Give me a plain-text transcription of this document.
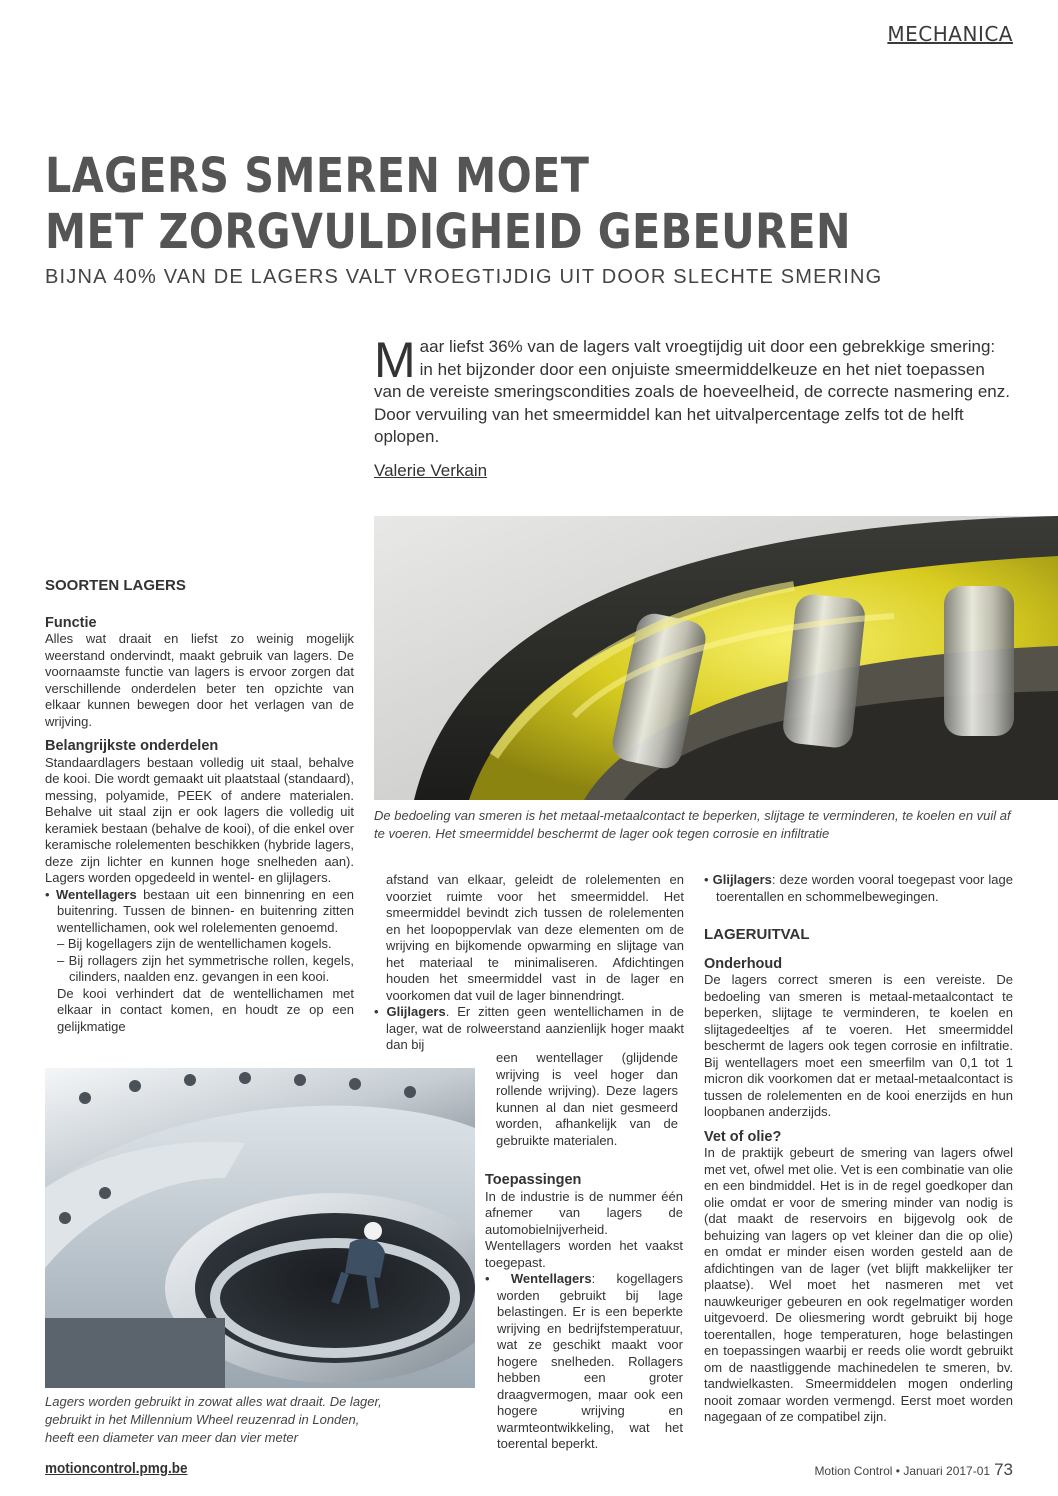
MECHANICA
LAGERS SMEREN MOET
MET ZORGVULDIGHEID GEBEUREN
BIJNA 40% VAN DE LAGERS VALT VROEGTIJDIG UIT DOOR SLECHTE SMERING
Maar liefst 36% van de lagers valt vroegtijdig uit door een gebrekkige smering: in het bijzonder door een onjuiste smeermiddelkeuze en het niet toepassen van de vereiste smeringscondities zoals de hoeveelheid, de correcte nasmering enz. Door vervuiling van het smeermiddel kan het uitvalpercentage zelfs tot de helft oplopen.
Valerie Verkain
De bedoeling van smeren is het metaal-metaalcontact te beperken, slijtage te verminderen, te koelen en vuil af te voeren. Het smeermiddel beschermt de lager ook tegen corrosie en infiltratie
Lagers worden gebruikt in zowat alles wat draait. De lager, gebruikt in het Millennium Wheel reuzenrad in Londen, heeft een diameter van meer dan vier meter
SOORTEN LAGERS
Functie

Alles wat draait en liefst zo weinig mogelijk weerstand ondervindt, maakt gebruik van lagers. De voornaamste functie van lagers is ervoor zorgen dat verschillende onderdelen beter ten opzichte van elkaar kunnen bewegen door het verlagen van de wrijving.

Belangrijkste onderdelen

Standaardlagers bestaan volledig uit staal, behalve de kooi. Die wordt gemaakt uit plaatstaal (standaard), messing, polyamide, PEEK of andere materialen. Behalve uit staal zijn er ook lagers die volledig uit keramiek bestaan (behalve de kooi), of die enkel over keramische rolelementen beschikken (hybride lagers, deze zijn lichter en kunnen hoge snelheden aan). Lagers worden opgedeeld in wentel- en glijlagers.

• Wentellagers bestaan uit een binnenring en een buitenring. Tussen de binnen- en buitenring zitten wentellichamen, ook wel rolelementen genoemd.

– Bij kogellagers zijn de wentellichamen kogels.

– Bij rollagers zijn het symmetrische rollen, kegels, cilinders, naalden enz. gevangen in een kooi.

De kooi verhindert dat de wentellichamen met elkaar in contact komen, en houdt ze op een gelijkmatige

afstand van elkaar, geleidt de rolelementen en voorziet ruimte voor het smeermiddel. Het smeermiddel bevindt zich tussen de rolelementen en het loopoppervlak van deze elementen om de wrijving en bijkomende opwarming en slijtage van het materiaal te minimaliseren. Afdichtingen houden het smeermiddel vast in de lager en voorkomen dat vuil de lager binnendringt.

• Glijlagers. Er zitten geen wentellichamen in de lager, wat de rolweerstand aanzienlijk hoger maakt dan bij

een wentellager (glijdende wrijving is veel hoger dan rollende wrijving). Deze lagers kunnen al dan niet gesmeerd worden, afhankelijk van de gebruikte materialen.

Toepassingen

In de industrie is de nummer één afnemer van lagers de automobielnijverheid. Wentellagers worden het vaakst toegepast.

• Wentellagers: kogellagers worden gebruikt bij lage belastingen. Er is een beperkte wrijving en bedrijfstemperatuur, wat ze geschikt maakt voor hogere snelheden. Rollagers hebben een groter draagvermogen, maar ook een hogere wrijving en warmteontwikkeling, wat het toerental beperkt.

• Glijlagers: deze worden vooral toegepast voor lage toerentallen en schommelbewegingen.

LAGERUITVAL
Onderhoud

De lagers correct smeren is een vereiste. De bedoeling van smeren is metaal-metaalcontact te beperken, slijtage te verminderen, te koelen en slijtagedeeltjes af te voeren. Het smeermiddel beschermt de lagers ook tegen corrosie en infiltratie. Bij wentellagers moet een smeerfilm van 0,1 tot 1 micron dik voorkomen dat er metaal-metaalcontact is tussen de rolelementen en de kooi enerzijds en hun loopbanen anderzijds.

Vet of olie?

In de praktijk gebeurt de smering van lagers ofwel met vet, ofwel met olie. Vet is een combinatie van olie en een bindmiddel. Het is in de regel goedkoper dan olie omdat er voor de smering minder van nodig is (dat maakt de reservoirs en bijgevolg ook de behuizing van lagers op vet kleiner dan die op olie) en omdat er minder eisen worden gesteld aan de afdichtingen van de lager (vet blijft makkelijker ter plaatse). Wel moet het nasmeren met vet nauwkeuriger gebeuren en ook regelmatiger worden uitgevoerd. De oliesmering wordt gebruikt bij hoge toerentallen, hoge temperaturen, hoge belastingen en toepassingen waarbij er reeds olie wordt gebruikt om de naastliggende machinedelen te smeren, bv. tandwielkasten. Smeermiddelen mogen onderling nooit zomaar worden vermengd. Eerst moet worden nagegaan of ze compatibel zijn.

motioncontrol.pmg.be	Motion Control • Januari 2017-01 73
